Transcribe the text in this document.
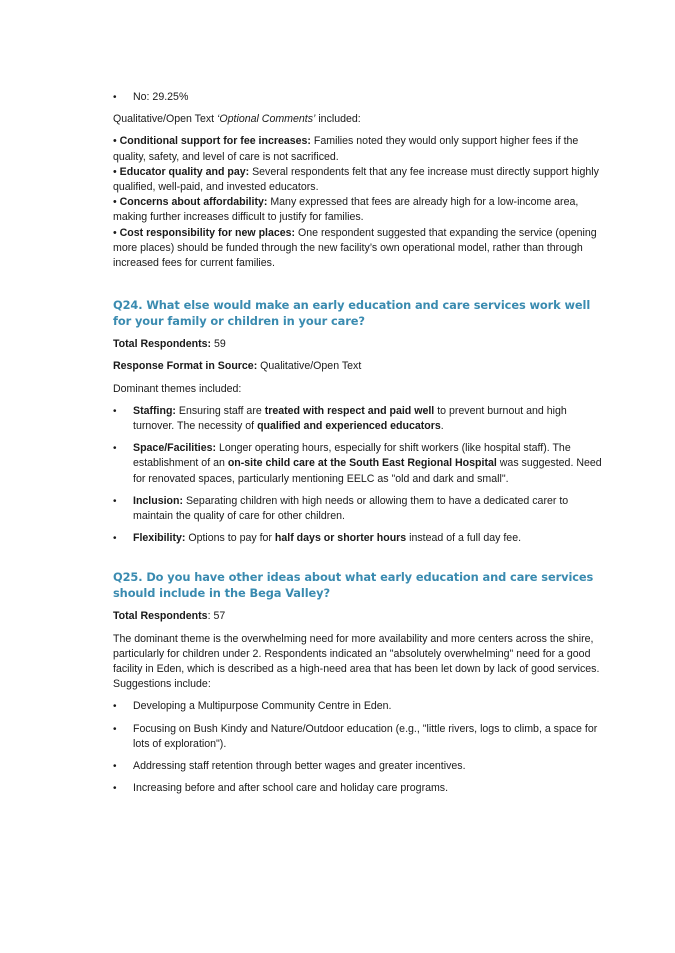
•	No: 29.25%

Qualitative/Open Text ‘Optional Comments’ included:

• Conditional support for fee increases: Families noted they would only support higher fees if the quality, safety, and level of care is not sacrificed.

• Educator quality and pay: Several respondents felt that any fee increase must directly support highly qualified, well-paid, and invested educators.

• Concerns about affordability: Many expressed that fees are already high for a low-income area, making further increases difficult to justify for families.

• Cost responsibility for new places: One respondent suggested that expanding the service (opening more places) should be funded through the new facility’s own operational model, rather than through increased fees for current families.

Q24. What else would make an early education and care services work well for your family or children in your care?

Total Respondents: 59

Response Format in Source: Qualitative/Open Text

Dominant themes included:

•	Staffing: Ensuring staff are treated with respect and paid well to prevent burnout and high turnover. The necessity of qualified and experienced educators.
•	Space/Facilities: Longer operating hours, especially for shift workers (like hospital staff). The establishment of an on-site child care at the South East Regional Hospital was suggested. Need for renovated spaces, particularly mentioning EELC as "old and dark and small".
•	Inclusion: Separating children with high needs or allowing them to have a dedicated carer to maintain the quality of care for other children.
•	Flexibility: Options to pay for half days or shorter hours instead of a full day fee.
Q25. Do you have other ideas about what early education and care services should include in the Bega Valley?

Total Respondents: 57

The dominant theme is the overwhelming need for more availability and more centers across the shire, particularly for children under 2. Respondents indicated an "absolutely overwhelming" need for a good facility in Eden, which is described as a high-need area that has been let down by lack of good services. Suggestions include:

•	Developing a Multipurpose Community Centre in Eden.
•	Focusing on Bush Kindy and Nature/Outdoor education (e.g., "little rivers, logs to climb, a space for lots of exploration").
•	Addressing staff retention through better wages and greater incentives.
•	Increasing before and after school care and holiday care programs.
